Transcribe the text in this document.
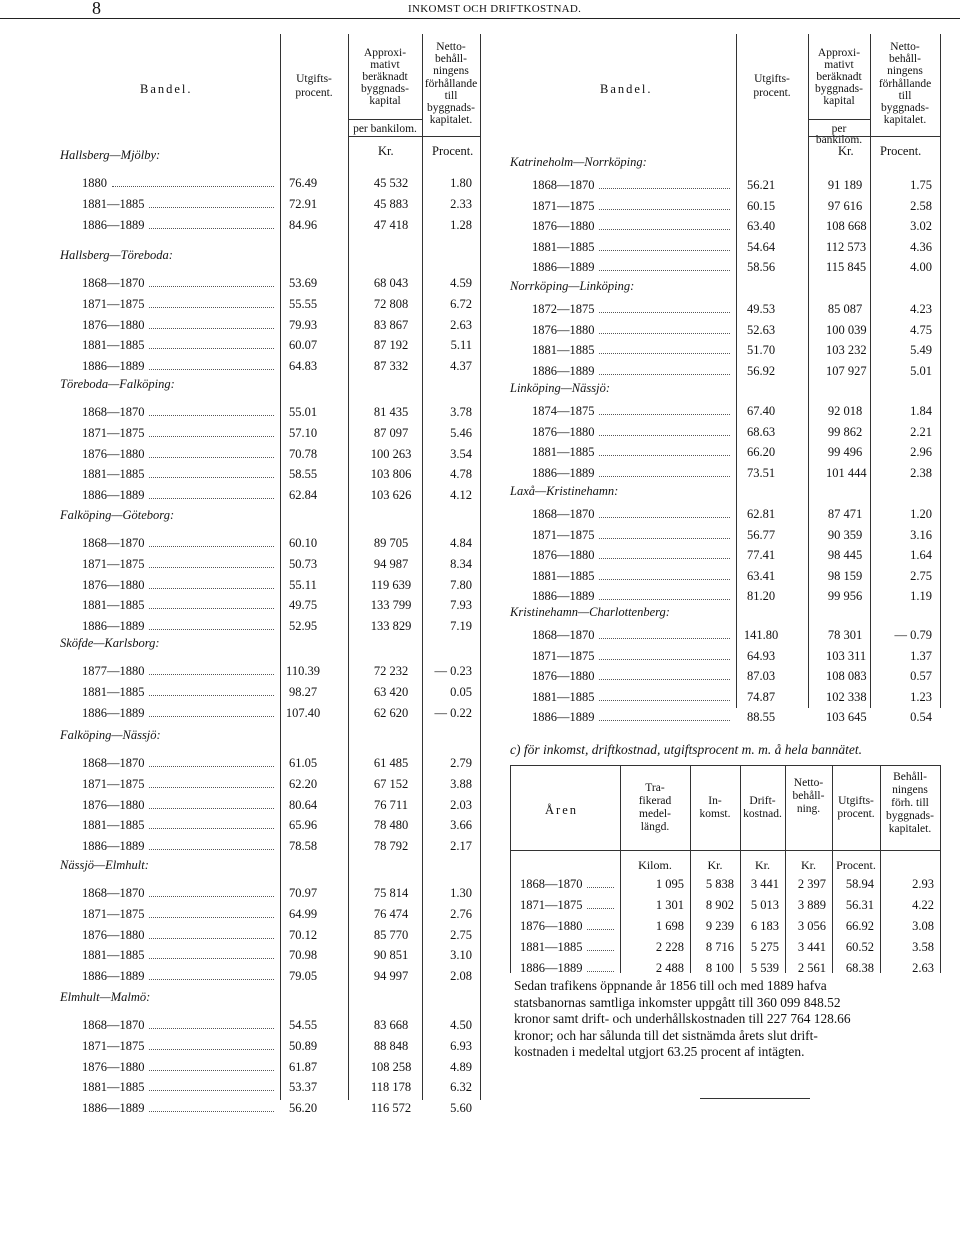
8	INKOMST OCH DRIFTKOSTNAD.
Bandel.
Utgifts-
procent.
Approxi-
mativt
beräknadt
byggnads-
kapital
per bankilom.
Netto-
behåll-
ningens
förhållande
till
byggnads-
kapitalet.
Kr.	Procent.
Hallsberg—Mjölby:
1880	76.49	45 532	1.80
1881—1885	72.91	45 883	2.33
1886—1889	84.96	47 418	1.28
Hallsberg—Töreboda:
1868—1870	53.69	68 043	4.59
1871—1875	55.55	72 808	6.72
1876—1880	79.93	83 867	2.63
1881—1885	60.07	87 192	5.11
1886—1889	64.83	87 332	4.37
Töreboda—Falköping:
1868—1870	55.01	81 435	3.78
1871—1875	57.10	87 097	5.46
1876—1880	70.78	100 263	3.54
1881—1885	58.55	103 806	4.78
1886—1889	62.84	103 626	4.12
Falköping—Göteborg:
1868—1870	60.10	89 705	4.84
1871—1875	50.73	94 987	8.34
1876—1880	55.11	119 639	7.80
1881—1885	49.75	133 799	7.93
1886—1889	52.95	133 829	7.19
Sköfde—Karlsborg:
1877—1880	110.39	72 232	— 0.23
1881—1885	98.27	63 420	0.05
1886—1889	107.40	62 620	— 0.22
Falköping—Nässjö:
1868—1870	61.05	61 485	2.79
1871—1875	62.20	67 152	3.88
1876—1880	80.64	76 711	2.03
1881—1885	65.96	78 480	3.66
1886—1889	78.58	78 792	2.17
Nässjö—Elmhult:
1868—1870	70.97	75 814	1.30
1871—1875	64.99	76 474	2.76
1876—1880	70.12	85 770	2.75
1881—1885	70.98	90 851	3.10
1886—1889	79.05	94 997	2.08
Elmhult—Malmö:
1868—1870	54.55	83 668	4.50
1871—1875	50.89	88 848	6.93
1876—1880	61.87	108 258	4.89
1881—1885	53.37	118 178	6.32
1886—1889	56.20	116 572	5.60
Bandel.
Utgifts-
procent.
Approxi-
mativt
beräknadt
byggnads-
kapital
per bankilom.
Netto-
behåll-
ningens
förhållande
till
byggnads-
kapitalet.
Kr. Procent.
Katrineholm—Norrköping:
1868—1870	56.21	91 189	1.75
1871—1875	60.15	97 616	2.58
1876—1880	63.40	108 668	3.02
1881—1885	54.64	112 573	4.36
1886—1889	58.56	115 845	4.00
Norrköping—Linköping:
1872—1875	49.53	85 087	4.23
1876—1880	52.63	100 039	4.75
1881—1885	51.70	103 232	5.49
1886—1889	56.92	107 927	5.01
Linköping—Nässjö:
1874—1875	67.40	92 018	1.84
1876—1880	68.63	99 862	2.21
1881—1885	66.20	99 496	2.96
1886—1889	73.51	101 444	2.38
Laxå—Kristinehamn:
1868—1870	62.81	87 471	1.20
1871—1875	56.77	90 359	3.16
1876—1880	77.41	98 445	1.64
1881—1885	63.41	98 159	2.75
1886—1889	81.20	99 956	1.19
Kristinehamn—Charlottenberg:
1868—1870	141.80	78 301	— 0.79
1871—1875	64.93	103 311	1.37
1876—1880	87.03	108 083	0.57
1881—1885	74.87	102 338	1.23
1886—1889	88.55	103 645	0.54
c) för inkomst, driftkostnad, utgiftsprocent m. m. å hela bannätet.
Åren
Tra-
fikerad
medel-
längd.
In-
komst.
Drift-
kostnad.
Netto-
behåll-
ning.
Utgifts-
procent.
Behåll-
ningens
förh. till
byggnads-
kapitalet.
Kilom.	Kr.	Kr.	Kr.	Procent.
1868—1870	1 095	5 838	3 441	2 397	58.94	2.93
1871—1875	1 301	8 902	5 013	3 889	56.31	4.22
1876—1880	1 698	9 239	6 183	3 056	66.92	3.08
1881—1885	2 228	8 716	5 275	3 441	60.52	3.58
1886—1889	2 488	8 100	5 539	2 561	68.38	2.63
Sedan trafikens öppnande år 1856 till och med 1889 hafva
statsbanornas samtliga inkomster uppgått till 360 099 848.52
kronor samt drift- och underhållskostnaden till 227 764 128.66
kronor; och har sålunda till det sistnämda årets slut drift-
kostnaden i medeltal utgjort 63.25 procent af intägten.
